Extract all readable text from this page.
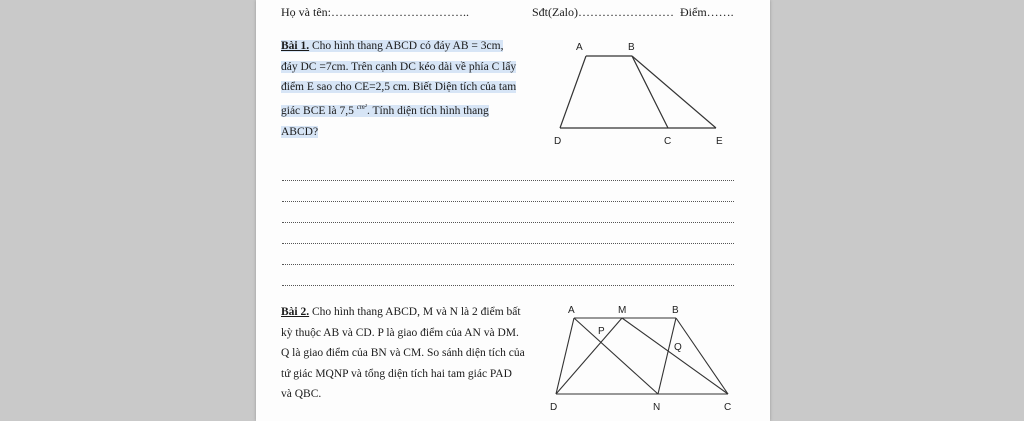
Họ và tên:……………………………..	Sđt(Zalo)…………………… Điểm…….
Bài 1. Cho hình thang ABCD có đáy AB = 3cm,
đáy DC =7cm. Trên cạnh DC kéo dài về phía C lấy
điểm E sao cho CE=2,5 cm. Biết Diện tích của tam
giác BCE là 7,5 $^{cm^2}$. Tính diện tích hình thang
ABCD?
A	B
D	C	E
Bài 2. Cho hình thang ABCD, M và N là 2 điểm bất
kỳ thuộc AB và CD. P là giao điểm của AN và DM.
Q là giao điểm của BN và CM. So sánh diện tích của
tứ giác MQNP và tổng diện tích hai tam giác PAD
và QBC.
A	M	B
P
Q
D	N	C
